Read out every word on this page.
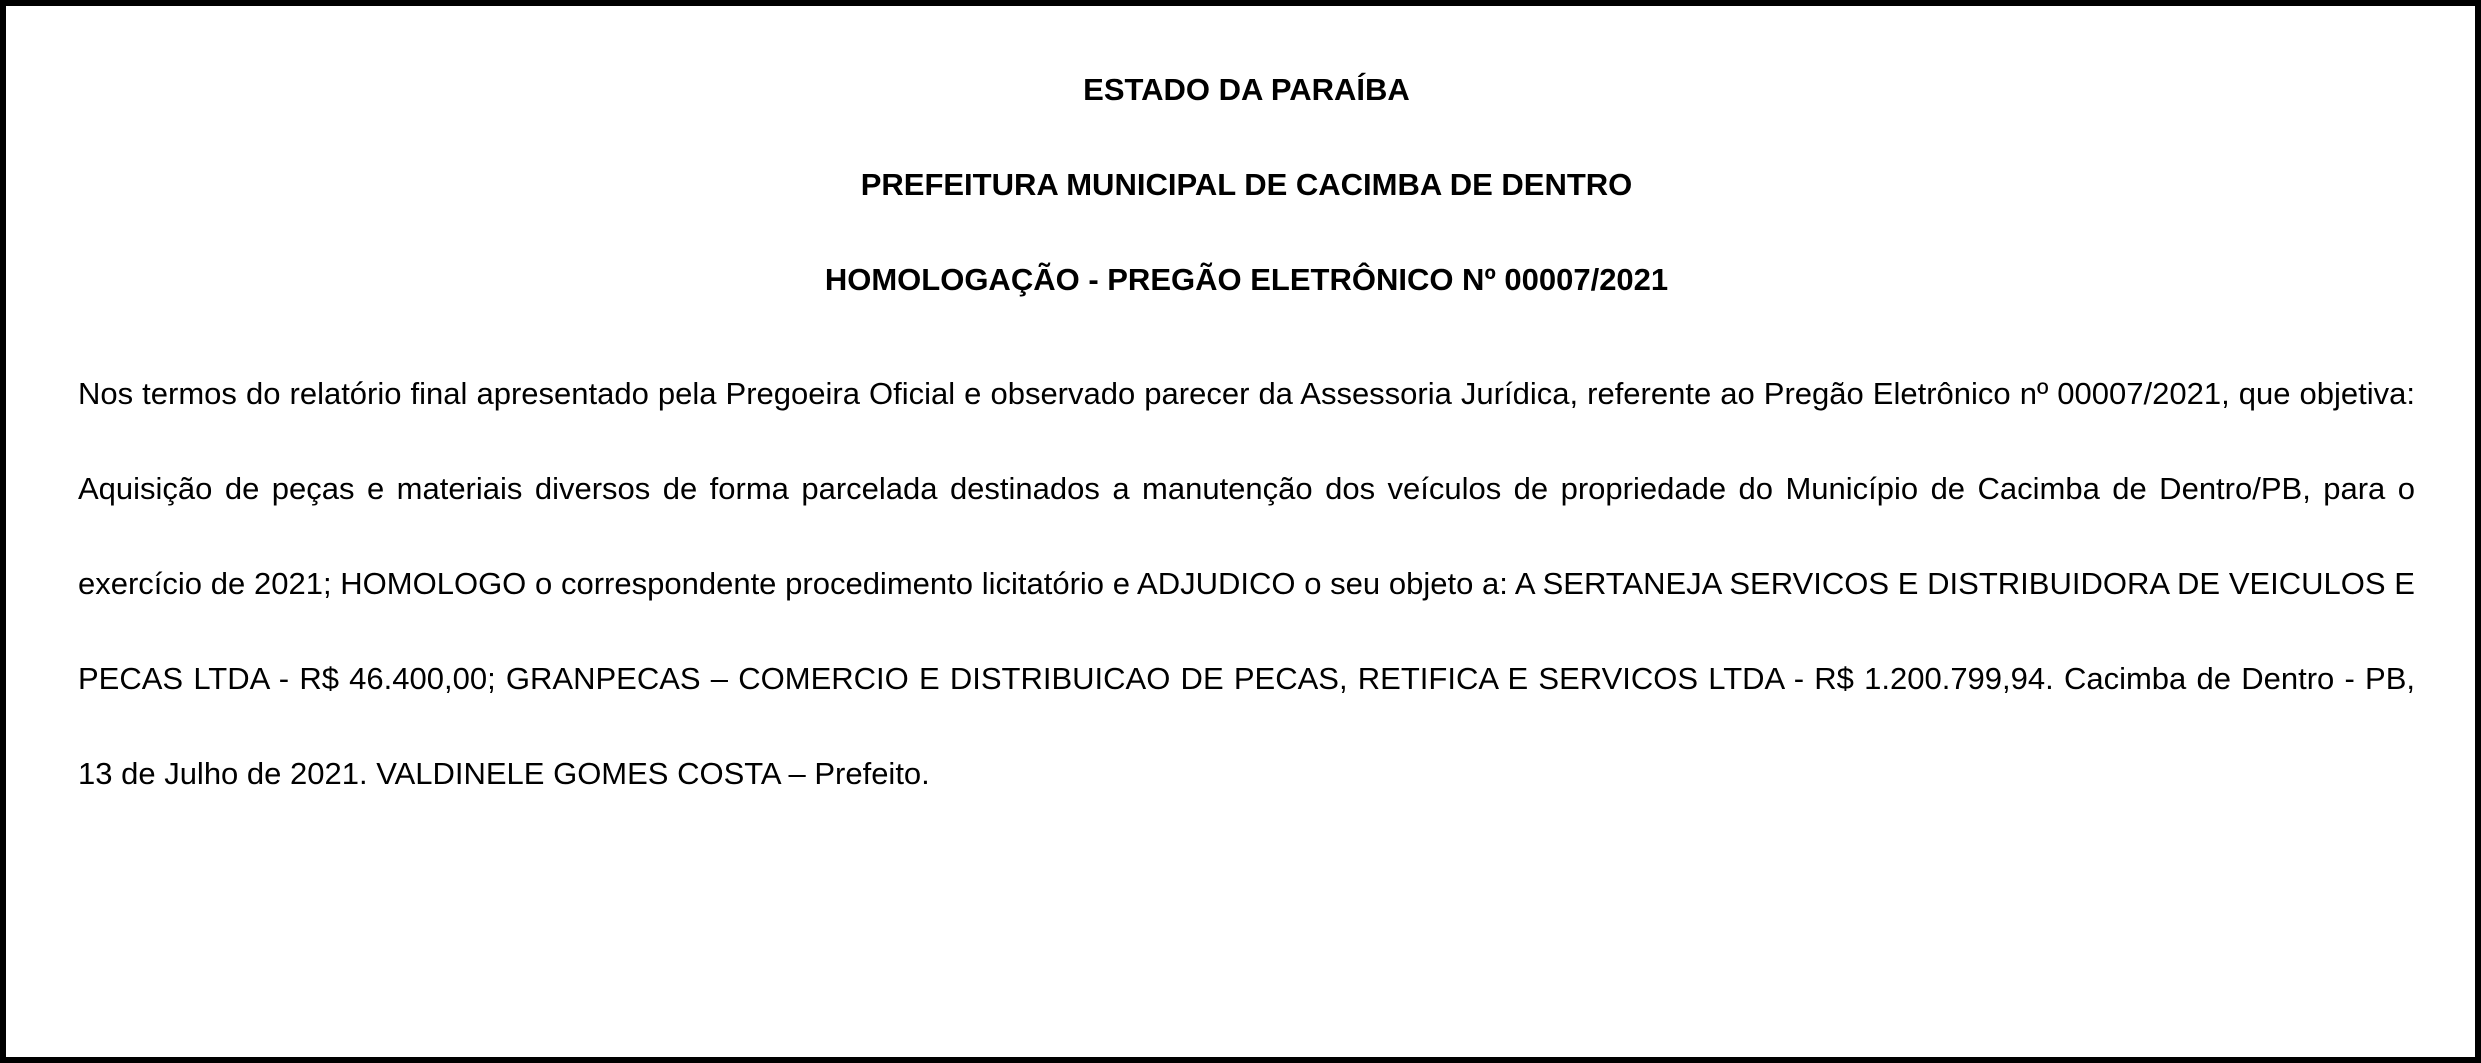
ESTADO DA PARAÍBA
PREFEITURA MUNICIPAL DE CACIMBA DE DENTRO
HOMOLOGAÇÃO - PREGÃO ELETRÔNICO Nº 00007/2021

Nos termos do relatório final apresentado pela Pregoeira Oficial e observado parecer da Assessoria Jurídica, referente ao Pregão Eletrônico nº 00007/2021, que objetiva: Aquisição de peças e materiais diversos de forma parcelada destinados a manutenção dos veículos de propriedade do Município de Cacimba de Dentro/PB, para o exercício de 2021; HOMOLOGO o correspondente procedimento licitatório e ADJUDICO o seu objeto a: A SERTANEJA SERVICOS E DISTRIBUIDORA DE VEICULOS E PECAS LTDA - R$ 46.400,00; GRANPECAS – COMERCIO E DISTRIBUICAO DE PECAS, RETIFICA E SERVICOS LTDA - R$ 1.200.799,94. Cacimba de Dentro - PB, 13 de Julho de 2021. VALDINELE GOMES COSTA – Prefeito.
